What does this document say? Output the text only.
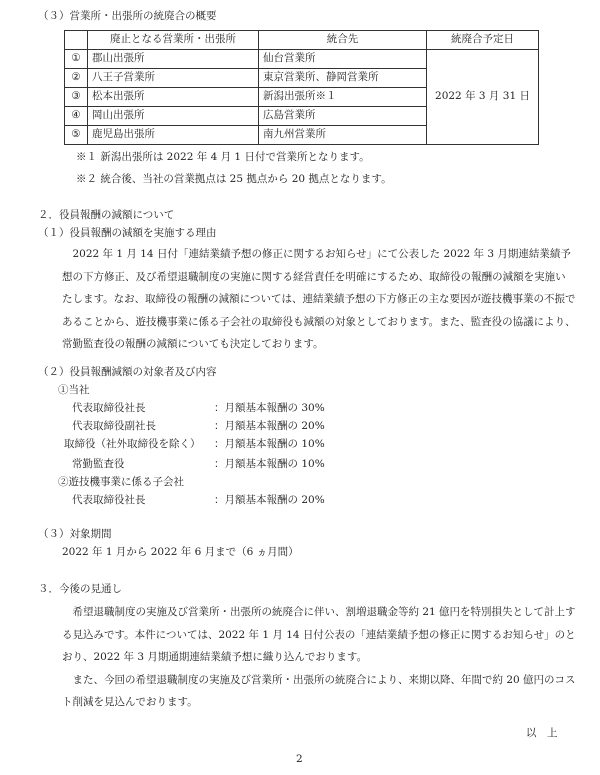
（３）営業所・出張所の統廃合の概要
	廃止となる営業所・出張所	統合先	統廃合予定日
①	郡山出張所	仙台営業所	2022 年 3 月 31 日
②	八王子営業所	東京営業所、静岡営業所	
③	松本出張所	新潟出張所※１	
④	岡山出張所	広島営業所	
⑤	鹿児島出張所	南九州営業所	
※１ 新潟出張所は 2022 年 4 月 1 日付で営業所となります。
※２ 統合後、当社の営業拠点は 25 拠点から 20 拠点となります。
２．役員報酬の減額について
（１）役員報酬の減額を実施する理由
2022 年 1 月 14 日付「連結業績予想の修正に関するお知らせ」にて公表した 2022 年 3 月期連結業績予想の下方修正、及び希望退職制度の実施に関する経営責任を明確にするため、取締役の報酬の減額を実施いたします。なお、取締役の報酬の減額については、連結業績予想の下方修正の主な要因が遊技機事業の不振であることから、遊技機事業に係る子会社の取締役も減額の対象としております。また、監査役の協議により、常勤監査役の報酬の減額についても決定しております。
（２）役員報酬減額の対象者及び内容
①当社
代表取締役社長	：月額基本報酬の 30%
代表取締役副社長	：月額基本報酬の 20%
取締役（社外取締役を除く） ：月額基本報酬の 10%
常勤監査役	：月額基本報酬の 10%
②遊技機事業に係る子会社
代表取締役社長	：月額基本報酬の 20%
（３）対象期間
2022 年 1 月から 2022 年 6 月まで（6 ヵ月間）
３．今後の見通し
希望退職制度の実施及び営業所・出張所の統廃合に伴い、割増退職金等約 21 億円を特別損失として計上する見込みです。本件については、2022 年 1 月 14 日付公表の「連結業績予想の修正に関するお知らせ」のとおり、2022 年 3 月期通期連結業績予想に織り込んでおります。
また、今回の希望退職制度の実施及び営業所・出張所の統廃合により、来期以降、年間で約 20 億円のコスト削減を見込んでおります。
以　上
2
